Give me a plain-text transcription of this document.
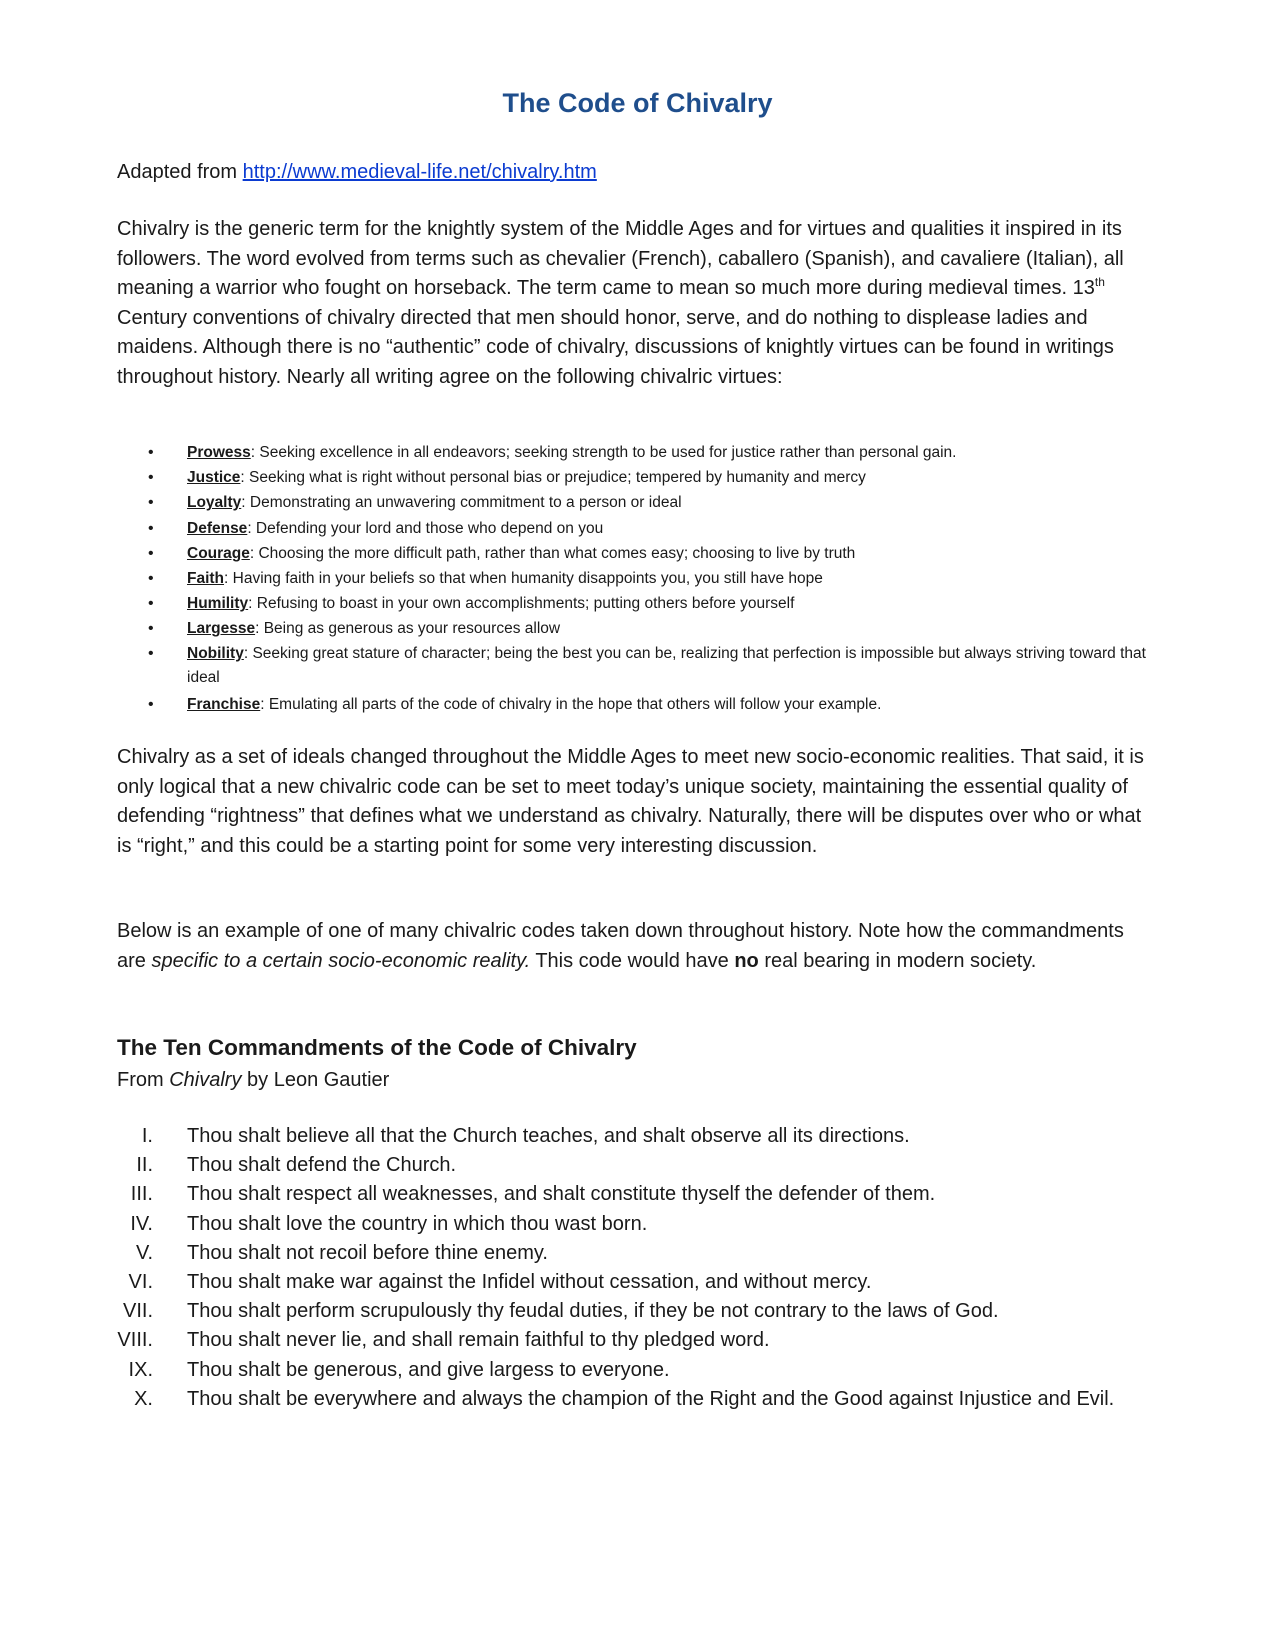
The Code of Chivalry
Adapted from http://www.medieval-life.net/chivalry.htm
Chivalry is the generic term for the knightly system of the Middle Ages and for virtues and qualities it inspired in its followers. The word evolved from terms such as chevalier (French), caballero (Spanish), and cavaliere (Italian), all meaning a warrior who fought on horseback. The term came to mean so much more during medieval times. 13th Century conventions of chivalry directed that men should honor, serve, and do nothing to displease ladies and maidens. Although there is no “authentic” code of chivalry, discussions of knightly virtues can be found in writings throughout history. Nearly all writing agree on the following chivalric virtues:
• Prowess: Seeking excellence in all endeavors; seeking strength to be used for justice rather than personal gain.
• Justice: Seeking what is right without personal bias or prejudice; tempered by humanity and mercy
• Loyalty: Demonstrating an unwavering commitment to a person or ideal
• Defense: Defending your lord and those who depend on you
• Courage: Choosing the more difficult path, rather than what comes easy; choosing to live by truth
• Faith: Having faith in your beliefs so that when humanity disappoints you, you still have hope
• Humility: Refusing to boast in your own accomplishments; putting others before yourself
• Largesse: Being as generous as your resources allow
• Nobility: Seeking great stature of character; being the best you can be, realizing that perfection is impossible but always striving toward that ideal
• Franchise: Emulating all parts of the code of chivalry in the hope that others will follow your example.
Chivalry as a set of ideals changed throughout the Middle Ages to meet new socio-economic realities. That said, it is only logical that a new chivalric code can be set to meet today’s unique society, maintaining the essential quality of defending “rightness” that defines what we understand as chivalry. Naturally, there will be disputes over who or what is “right,” and this could be a starting point for some very interesting discussion.
Below is an example of one of many chivalric codes taken down throughout history. Note how the commandments are specific to a certain socio-economic reality. This code would have no real bearing in modern society.
The Ten Commandments of the Code of Chivalry
From Chivalry by Leon Gautier
I. Thou shalt believe all that the Church teaches, and shalt observe all its directions.
II. Thou shalt defend the Church.
III. Thou shalt respect all weaknesses, and shalt constitute thyself the defender of them.
IV. Thou shalt love the country in which thou wast born.
V. Thou shalt not recoil before thine enemy.
VI. Thou shalt make war against the Infidel without cessation, and without mercy.
VII. Thou shalt perform scrupulously thy feudal duties, if they be not contrary to the laws of God.
VIII. Thou shalt never lie, and shall remain faithful to thy pledged word.
IX. Thou shalt be generous, and give largess to everyone.
X. Thou shalt be everywhere and always the champion of the Right and the Good against Injustice and Evil.
